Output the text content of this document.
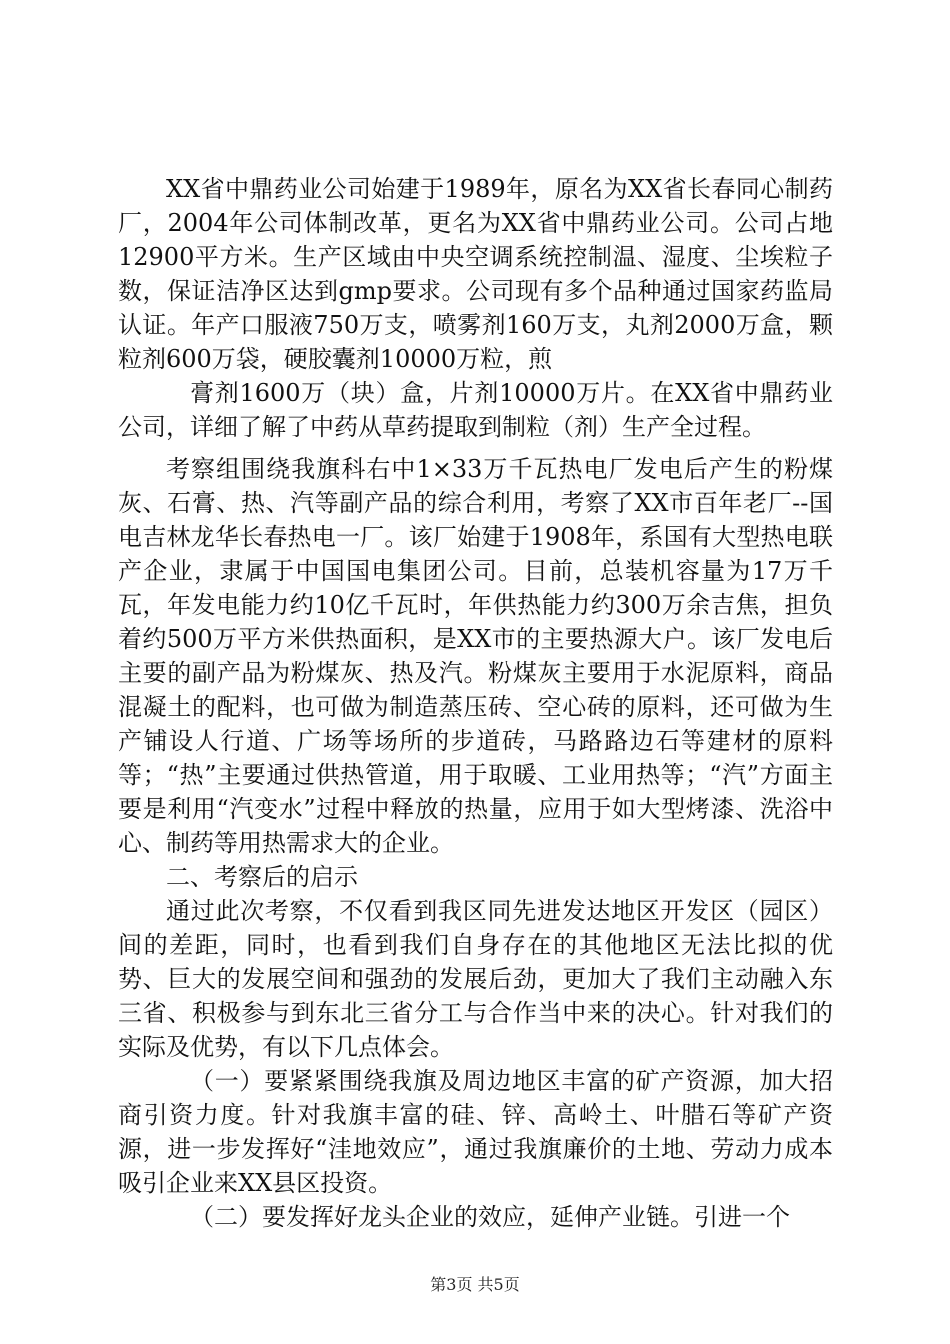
XX省中鼎药业公司始建于1989年，原名为XX省长春同心制药厂，2004年公司体制改革，更名为XX省中鼎药业公司。公司占地12900平方米。生产区域由中央空调系统控制温、湿度、尘埃粒子数，保证洁净区达到gmp要求。公司现有多个品种通过国家药监局认证。年产口服液750万支，喷雾剂160万支，丸剂2000万盒，颗粒剂600万袋，硬胶囊剂10000万粒，煎

膏剂1600万（块）盒，片剂10000万片。在XX省中鼎药业公司，详细了解了中药从草药提取到制粒（剂）生产全过程。

考察组围绕我旗科右中1×33万千瓦热电厂发电后产生的粉煤灰、石膏、热、汽等副产品的综合利用，考察了XX市百年老厂--国电吉林龙华长春热电一厂。该厂始建于1908年，系国有大型热电联产企业，隶属于中国国电集团公司。目前，总装机容量为17万千瓦，年发电能力约10亿千瓦时，年供热能力约300万余吉焦，担负着约500万平方米供热面积，是XX市的主要热源大户。该厂发电后主要的副产品为粉煤灰、热及汽。粉煤灰主要用于水泥原料，商品混凝土的配料，也可做为制造蒸压砖、空心砖的原料，还可做为生产铺设人行道、广场等场所的步道砖，马路路边石等建材的原料等；“热”主要通过供热管道，用于取暖、工业用热等；“汽”方面主要是利用“汽变水”过程中释放的热量，应用于如大型烤漆、洗浴中心、制药等用热需求大的企业。

二、考察后的启示

通过此次考察，不仅看到我区同先进发达地区开发区（园区）间的差距，同时，也看到我们自身存在的其他地区无法比拟的优势、巨大的发展空间和强劲的发展后劲，更加大了我们主动融入东三省、积极参与到东北三省分工与合作当中来的决心。针对我们的实际及优势，有以下几点体会。

（一）要紧紧围绕我旗及周边地区丰富的矿产资源，加大招商引资力度。针对我旗丰富的硅、锌、高岭土、叶腊石等矿产资源，进一步发挥好“洼地效应”，通过我旗廉价的土地、劳动力成本吸引企业来XX县区投资。

（二）要发挥好龙头企业的效应，延伸产业链。引进一个

第3页 共5页
